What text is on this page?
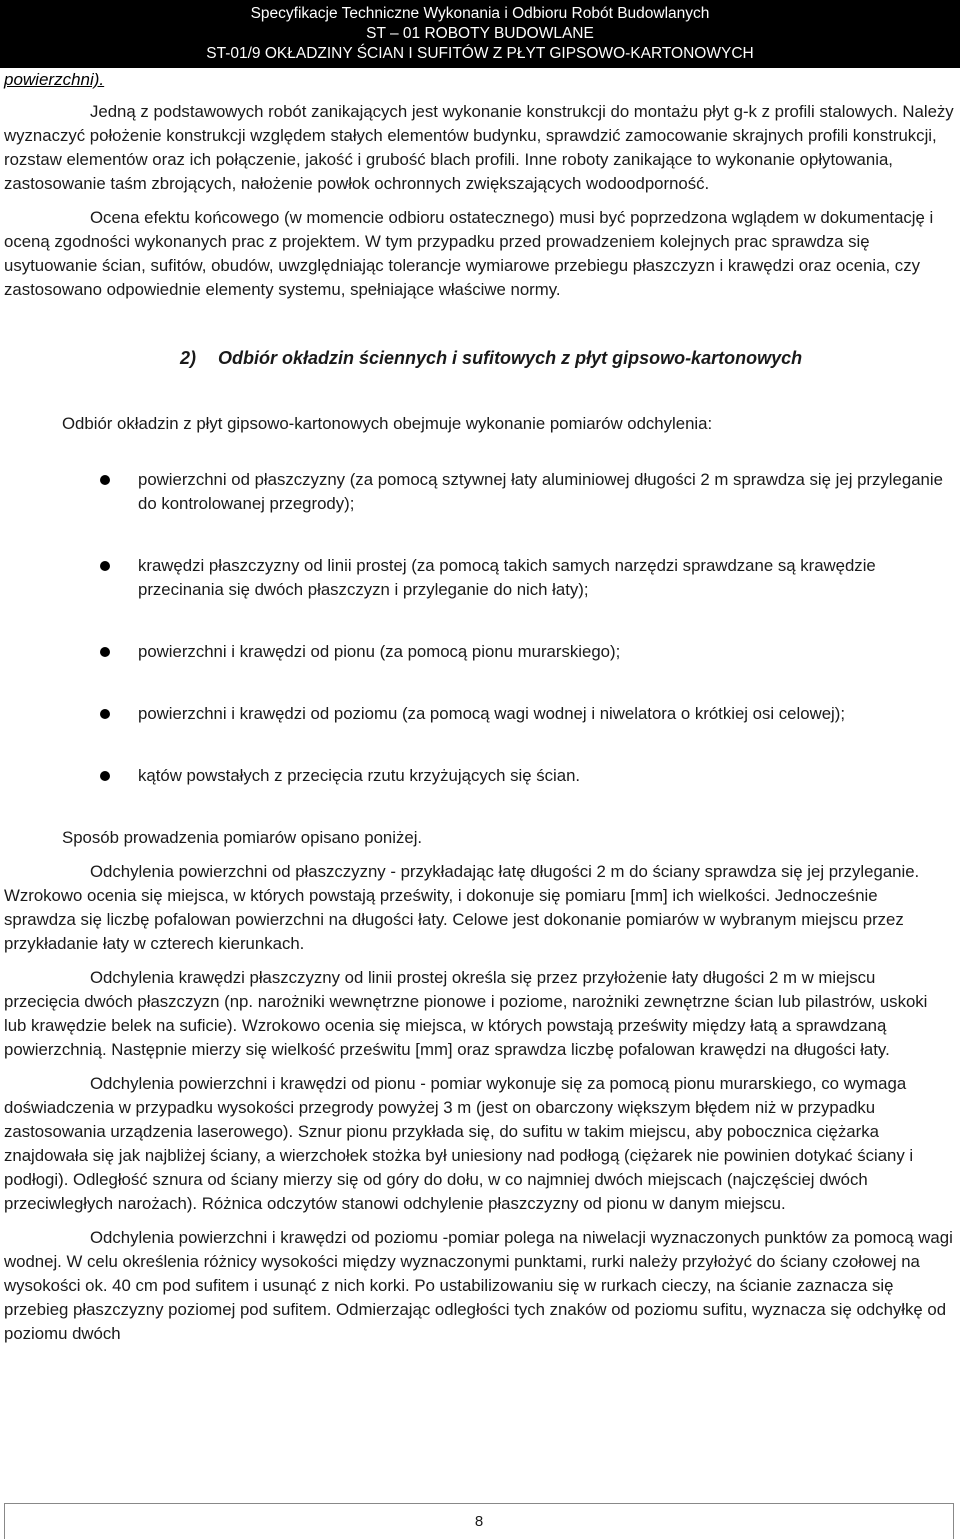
Specyfikacje Techniczne Wykonania i Odbioru Robót Budowlanych
ST – 01 ROBOTY BUDOWLANE
ST-01/9 OKŁADZINY ŚCIAN I SUFITÓW Z PŁYT GIPSOWO-KARTONOWYCH
powierzchni).

Jedną z podstawowych robót zanikających jest wykonanie konstrukcji do montażu płyt g-k z profili stalowych. Należy wyznaczyć położenie konstrukcji względem stałych elementów budynku, sprawdzić zamocowanie skrajnych profili konstrukcji, rozstaw elementów oraz ich połączenie, jakość i grubość blach profili. Inne roboty zanikające to wykonanie opłytowania, zastosowanie taśm zbrojących, nałożenie powłok ochronnych zwiększających wodoodporność.

Ocena efektu końcowego (w momencie odbioru ostatecznego) musi być poprzedzona wglądem w dokumentację i oceną zgodności wykonanych prac z projektem. W tym przypadku przed prowadzeniem kolejnych prac sprawdza się usytuowanie ścian, sufitów, obudów, uwzględniając tolerancje wymiarowe przebiegu płaszczyzn i krawędzi oraz ocenia, czy zastosowano odpowiednie elementy systemu, spełniające właściwe normy.

2) Odbiór okładzin ściennych i sufitowych z płyt gipsowo-kartonowych

Odbiór okładzin z płyt gipsowo-kartonowych obejmuje wykonanie pomiarów odchylenia:

powierzchni od płaszczyzny (za pomocą sztywnej łaty aluminiowej długości 2 m sprawdza się jej przyleganie do kontrolowanej przegrody);
krawędzi płaszczyzny od linii prostej (za pomocą takich samych narzędzi sprawdzane są krawędzie przecinania się dwóch płaszczyzn i przyleganie do nich łaty);
powierzchni i krawędzi od pionu (za pomocą pionu murarskiego);
powierzchni i krawędzi od poziomu (za pomocą wagi wodnej i niwelatora o krótkiej osi celowej);
kątów powstałych z przecięcia rzutu krzyżujących się ścian.

Sposób prowadzenia pomiarów opisano poniżej.

Odchylenia powierzchni od płaszczyzny - przykładając łatę długości 2 m do ściany sprawdza się jej przyleganie. Wzrokowo ocenia się miejsca, w których powstają prześwity, i dokonuje się pomiaru [mm] ich wielkości. Jednocześnie sprawdza się liczbę pofalowan powierzchni na długości łaty. Celowe jest dokonanie pomiarów w wybranym miejscu przez przykładanie łaty w czterech kierunkach.

Odchylenia krawędzi płaszczyzny od linii prostej określa się przez przyłożenie łaty długości 2 m w miejscu przecięcia dwóch płaszczyzn (np. narożniki wewnętrzne pionowe i poziome, narożniki zewnętrzne ścian lub pilastrów, uskoki lub krawędzie belek na suficie). Wzrokowo ocenia się miejsca, w których powstają prześwity między łatą a sprawdzaną powierzchnią. Następnie mierzy się wielkość prześwitu [mm] oraz sprawdza liczbę pofalowan krawędzi na długości łaty.

Odchylenia powierzchni i krawędzi od pionu - pomiar wykonuje się za pomocą pionu murarskiego, co wymaga doświadczenia w przypadku wysokości przegrody powyżej 3 m (jest on obarczony większym błędem niż w przypadku zastosowania urządzenia laserowego). Sznur pionu przykłada się, do sufitu w takim miejscu, aby pobocznica ciężarka znajdowała się jak najbliżej ściany, a wierzchołek stożka był uniesiony nad podłogą (ciężarek nie powinien dotykać ściany i podłogi). Odległość sznura od ściany mierzy się od góry do dołu, w co najmniej dwóch miejscach (najczęściej dwóch przeciwległych narożach). Różnica odczytów stanowi odchylenie płaszczyzny od pionu w danym miejscu.

Odchylenia powierzchni i krawędzi od poziomu -pomiar polega na niwelacji wyznaczonych punktów za pomocą wagi wodnej. W celu określenia różnicy wysokości między wyznaczonymi punktami, rurki należy przyłożyć do ściany czołowej na wysokości ok. 40 cm pod sufitem i usunąć z nich korki. Po ustabilizowaniu się w rurkach cieczy, na ścianie zaznacza się przebieg płaszczyzny poziomej pod sufitem. Odmierzając odległości tych znaków od poziomu sufitu, wyznacza się odchyłkę od poziomu dwóch

8
